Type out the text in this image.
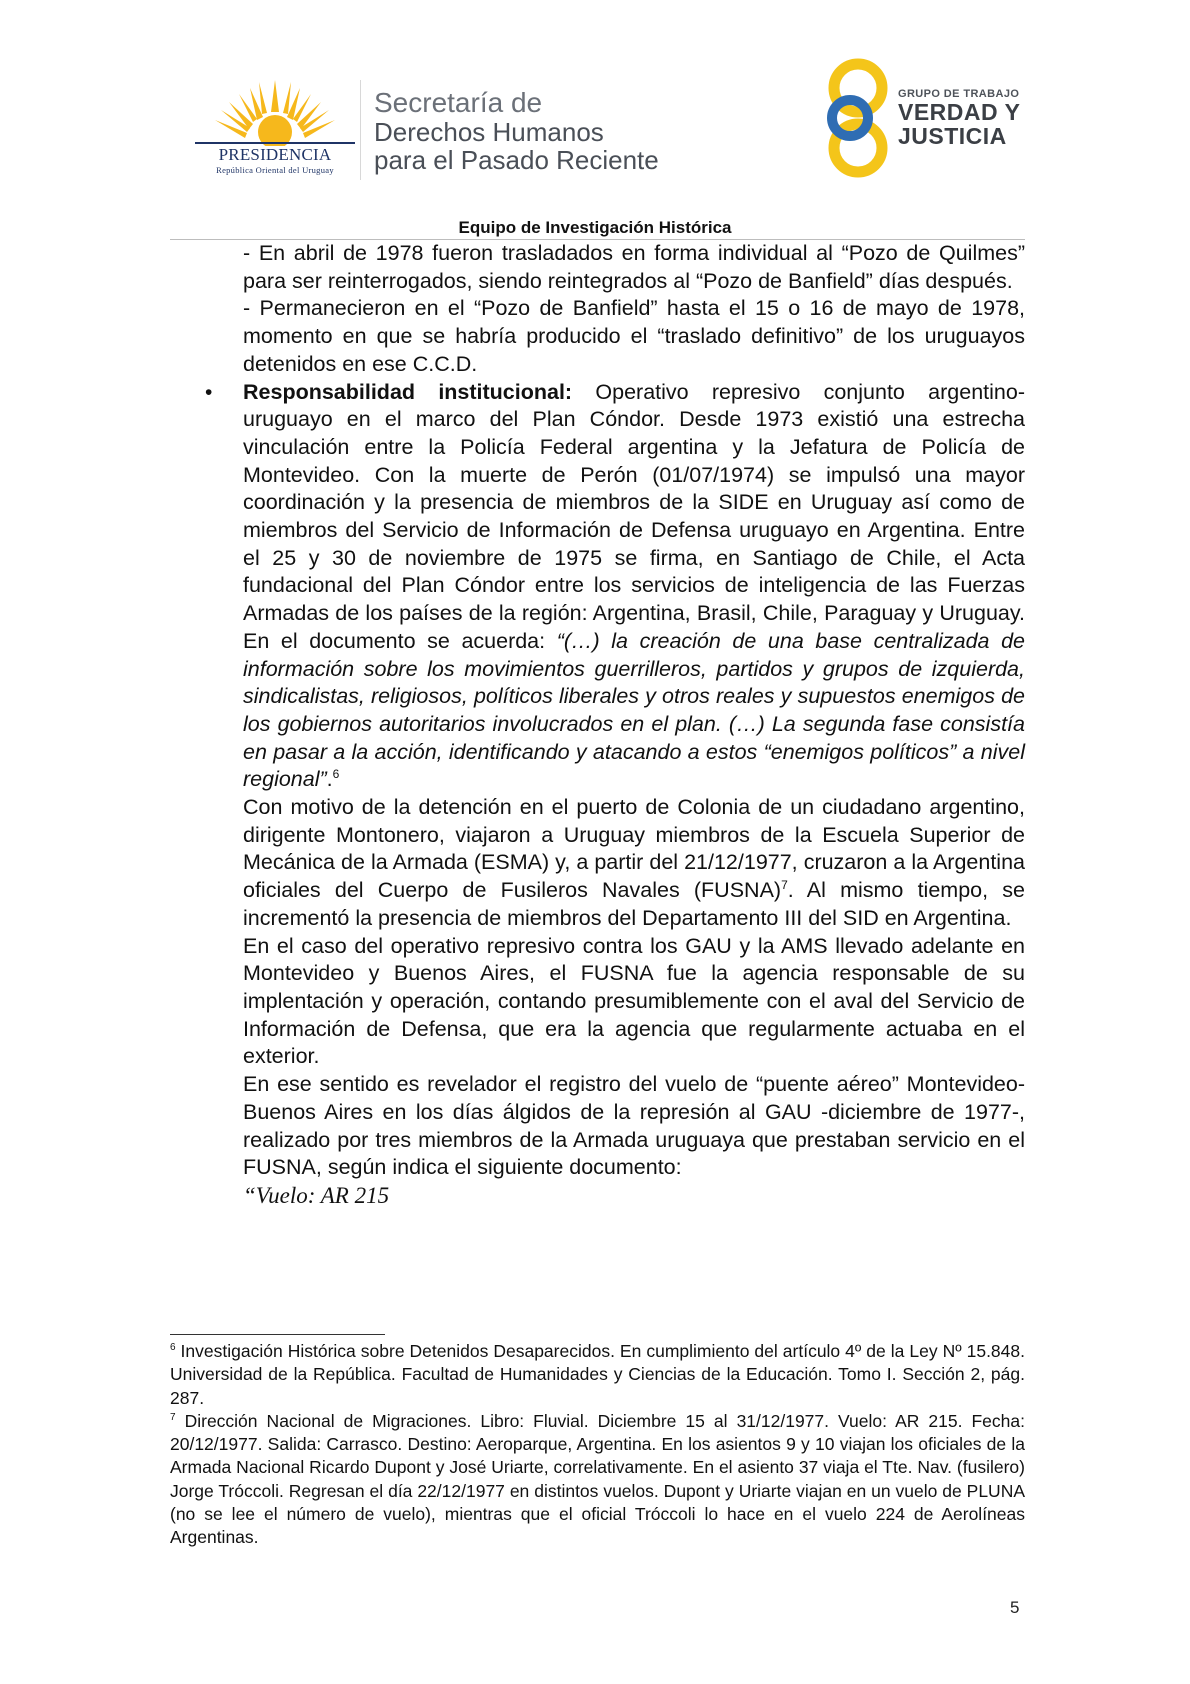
PRESIDENCIA
República Oriental del Uruguay
Secretaría de
Derechos Humanos
para el Pasado Reciente
GRUPO DE TRABAJO
VERDAD Y
JUSTICIA
Equipo de Investigación Histórica

- En abril de 1978 fueron trasladados en forma individual al “Pozo de Quilmes” para ser reinterrogados, siendo reintegrados al “Pozo de Banfield” días después.

- Permanecieron en el “Pozo de Banfield” hasta el 15 o 16 de mayo de 1978, momento en que se habría producido el “traslado definitivo” de los uruguayos detenidos en ese C.C.D.

• Responsabilidad institucional: Operativo represivo conjunto argentino-uruguayo en el marco del Plan Cóndor. Desde 1973 existió una estrecha vinculación entre la Policía Federal argentina y la Jefatura de Policía de Montevideo. Con la muerte de Perón (01/07/1974) se impulsó una mayor coordinación y la presencia de miembros de la SIDE en Uruguay así como de miembros del Servicio de Información de Defensa uruguayo en Argentina. Entre el 25 y 30 de noviembre de 1975 se firma, en Santiago de Chile, el Acta fundacional del Plan Cóndor entre los servicios de inteligencia de las Fuerzas Armadas de los países de la región: Argentina, Brasil, Chile, Paraguay y Uruguay. En el documento se acuerda: “(…) la creación de una base centralizada de información sobre los movimientos guerrilleros, partidos y grupos de izquierda, sindicalistas, religiosos, políticos liberales y otros reales y supuestos enemigos de los gobiernos autoritarios involucrados en el plan. (…) La segunda fase consistía en pasar a la acción, identificando y atacando a estos “enemigos políticos” a nivel regional”.$^6$

Con motivo de la detención en el puerto de Colonia de un ciudadano argentino, dirigente Montonero, viajaron a Uruguay miembros de la Escuela Superior de Mecánica de la Armada (ESMA) y, a partir del 21/12/1977, cruzaron a la Argentina oficiales del Cuerpo de Fusileros Navales (FUSNA)$^7$. Al mismo tiempo, se incrementó la presencia de miembros del Departamento III del SID en Argentina.

En el caso del operativo represivo contra los GAU y la AMS llevado adelante en Montevideo y Buenos Aires, el FUSNA fue la agencia responsable de su implentación y operación, contando presumiblemente con el aval del Servicio de Información de Defensa, que era la agencia que regularmente actuaba en el exterior.

En ese sentido es revelador el registro del vuelo de “puente aéreo” Montevideo-Buenos Aires en los días álgidos de la represión al GAU -diciembre de 1977-, realizado por tres miembros de la Armada uruguaya que prestaban servicio en el FUSNA, según indica el siguiente documento:

“Vuelo: AR 215

$^6$ Investigación Histórica sobre Detenidos Desaparecidos. En cumplimiento del artículo 4º de la Ley Nº 15.848. Universidad de la República. Facultad de Humanidades y Ciencias de la Educación. Tomo I. Sección 2, pág. 287.

$^7$ Dirección Nacional de Migraciones. Libro: Fluvial. Diciembre 15 al 31/12/1977. Vuelo: AR 215. Fecha: 20/12/1977. Salida: Carrasco. Destino: Aeroparque, Argentina. En los asientos 9 y 10 viajan los oficiales de la Armada Nacional Ricardo Dupont y José Uriarte, correlativamente. En el asiento 37 viaja el Tte. Nav. (fusilero) Jorge Tróccoli. Regresan el día 22/12/1977 en distintos vuelos. Dupont y Uriarte viajan en un vuelo de PLUNA (no se lee el número de vuelo), mientras que el oficial Tróccoli lo hace en el vuelo 224 de Aerolíneas Argentinas.

5
